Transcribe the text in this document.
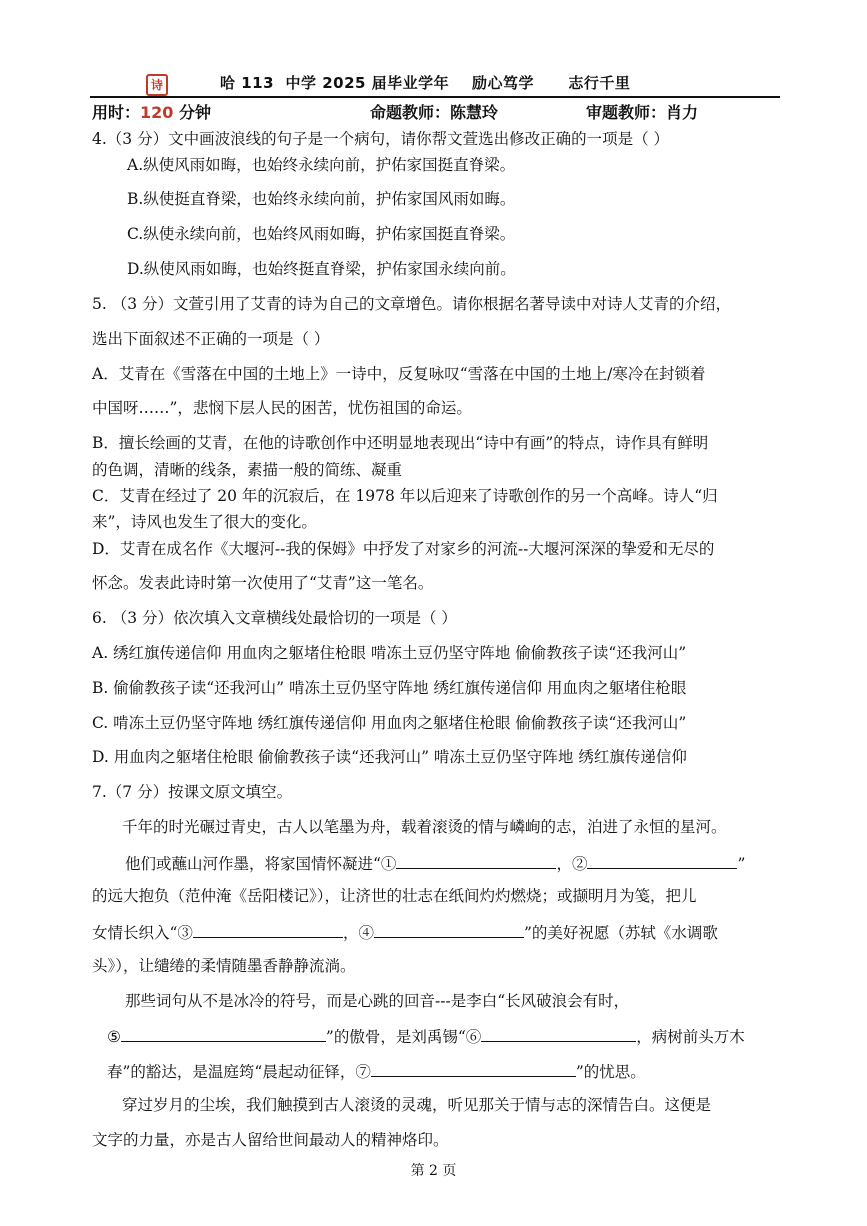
诗	哈 113  中学 2025 届毕业学年    励心笃学      志行千里
用时：120 分钟	命题教师：陈慧玲	审题教师：肖力
4.（3 分）文中画波浪线的句子是一个病句，请你帮文萱选出修改正确的一项是（ ）
A.纵使风雨如晦，也始终永续向前，护佑家国挺直脊梁。
B.纵使挺直脊梁，也始终永续向前，护佑家国风雨如晦。
C.纵使永续向前，也始终风雨如晦，护佑家国挺直脊梁。
D.纵使风雨如晦，也始终挺直脊梁，护佑家国永续向前。
5. （3 分）文萱引用了艾青的诗为自己的文章增色。请你根据名著导读中对诗人艾青的介绍，
选出下面叙述不正确的一项是（ ）
A．艾青在《雪落在中国的土地上》一诗中，反复咏叹“雪落在中国的土地上/寒冷在封锁着
中国呀……”，悲悯下层人民的困苦，忧伤祖国的命运。
B．擅长绘画的艾青，在他的诗歌创作中还明显地表现出“诗中有画”的特点，诗作具有鲜明
的色调，清晰的线条，素描一般的简练、凝重
C．艾青在经过了 20 年的沉寂后，在 1978 年以后迎来了诗歌创作的另一个高峰。诗人“归
来”，诗风也发生了很大的变化。
D．艾青在成名作《大堰河--我的保姆》中抒发了对家乡的河流--大堰河深深的挚爱和无尽的
怀念。发表此诗时第一次使用了“艾青”这一笔名。
6. （3 分）依次填入文章横线处最恰切的一项是（ ）
A. 绣红旗传递信仰 用血肉之躯堵住枪眼 啃冻土豆仍坚守阵地 偷偷教孩子读“还我河山”
B. 偷偷教孩子读“还我河山” 啃冻土豆仍坚守阵地 绣红旗传递信仰 用血肉之躯堵住枪眼
C. 啃冻土豆仍坚守阵地 绣红旗传递信仰 用血肉之躯堵住枪眼 偷偷教孩子读“还我河山”
D. 用血肉之躯堵住枪眼 偷偷教孩子读“还我河山” 啃冻土豆仍坚守阵地 绣红旗传递信仰
7.（7 分）按课文原文填空。
千年的时光碾过青史，古人以笔墨为舟，载着滚烫的情与嶙峋的志，泊进了永恒的星河。
他们或蘸山河作墨，将家国情怀凝进“①	，②	”
的远大抱负（范仲淹《岳阳楼记》），让济世的壮志在纸间灼灼燃烧；或撷明月为笺，把儿
女情长织入“③	，④	”的美好祝愿（苏轼《水调歌
头》），让缱绻的柔情随墨香静静流淌。
那些词句从不是冰冷的符号，而是心跳的回音---是李白“长风破浪会有时，
⑤	”的傲骨，是刘禹锡“⑥	，病树前头万木
春”的豁达，是温庭筠“晨起动征铎，⑦	”的忧思。
穿过岁月的尘埃，我们触摸到古人滚烫的灵魂，听见那关于情与志的深情告白。这便是
文字的力量，亦是古人留给世间最动人的精神烙印。
第 2 页
